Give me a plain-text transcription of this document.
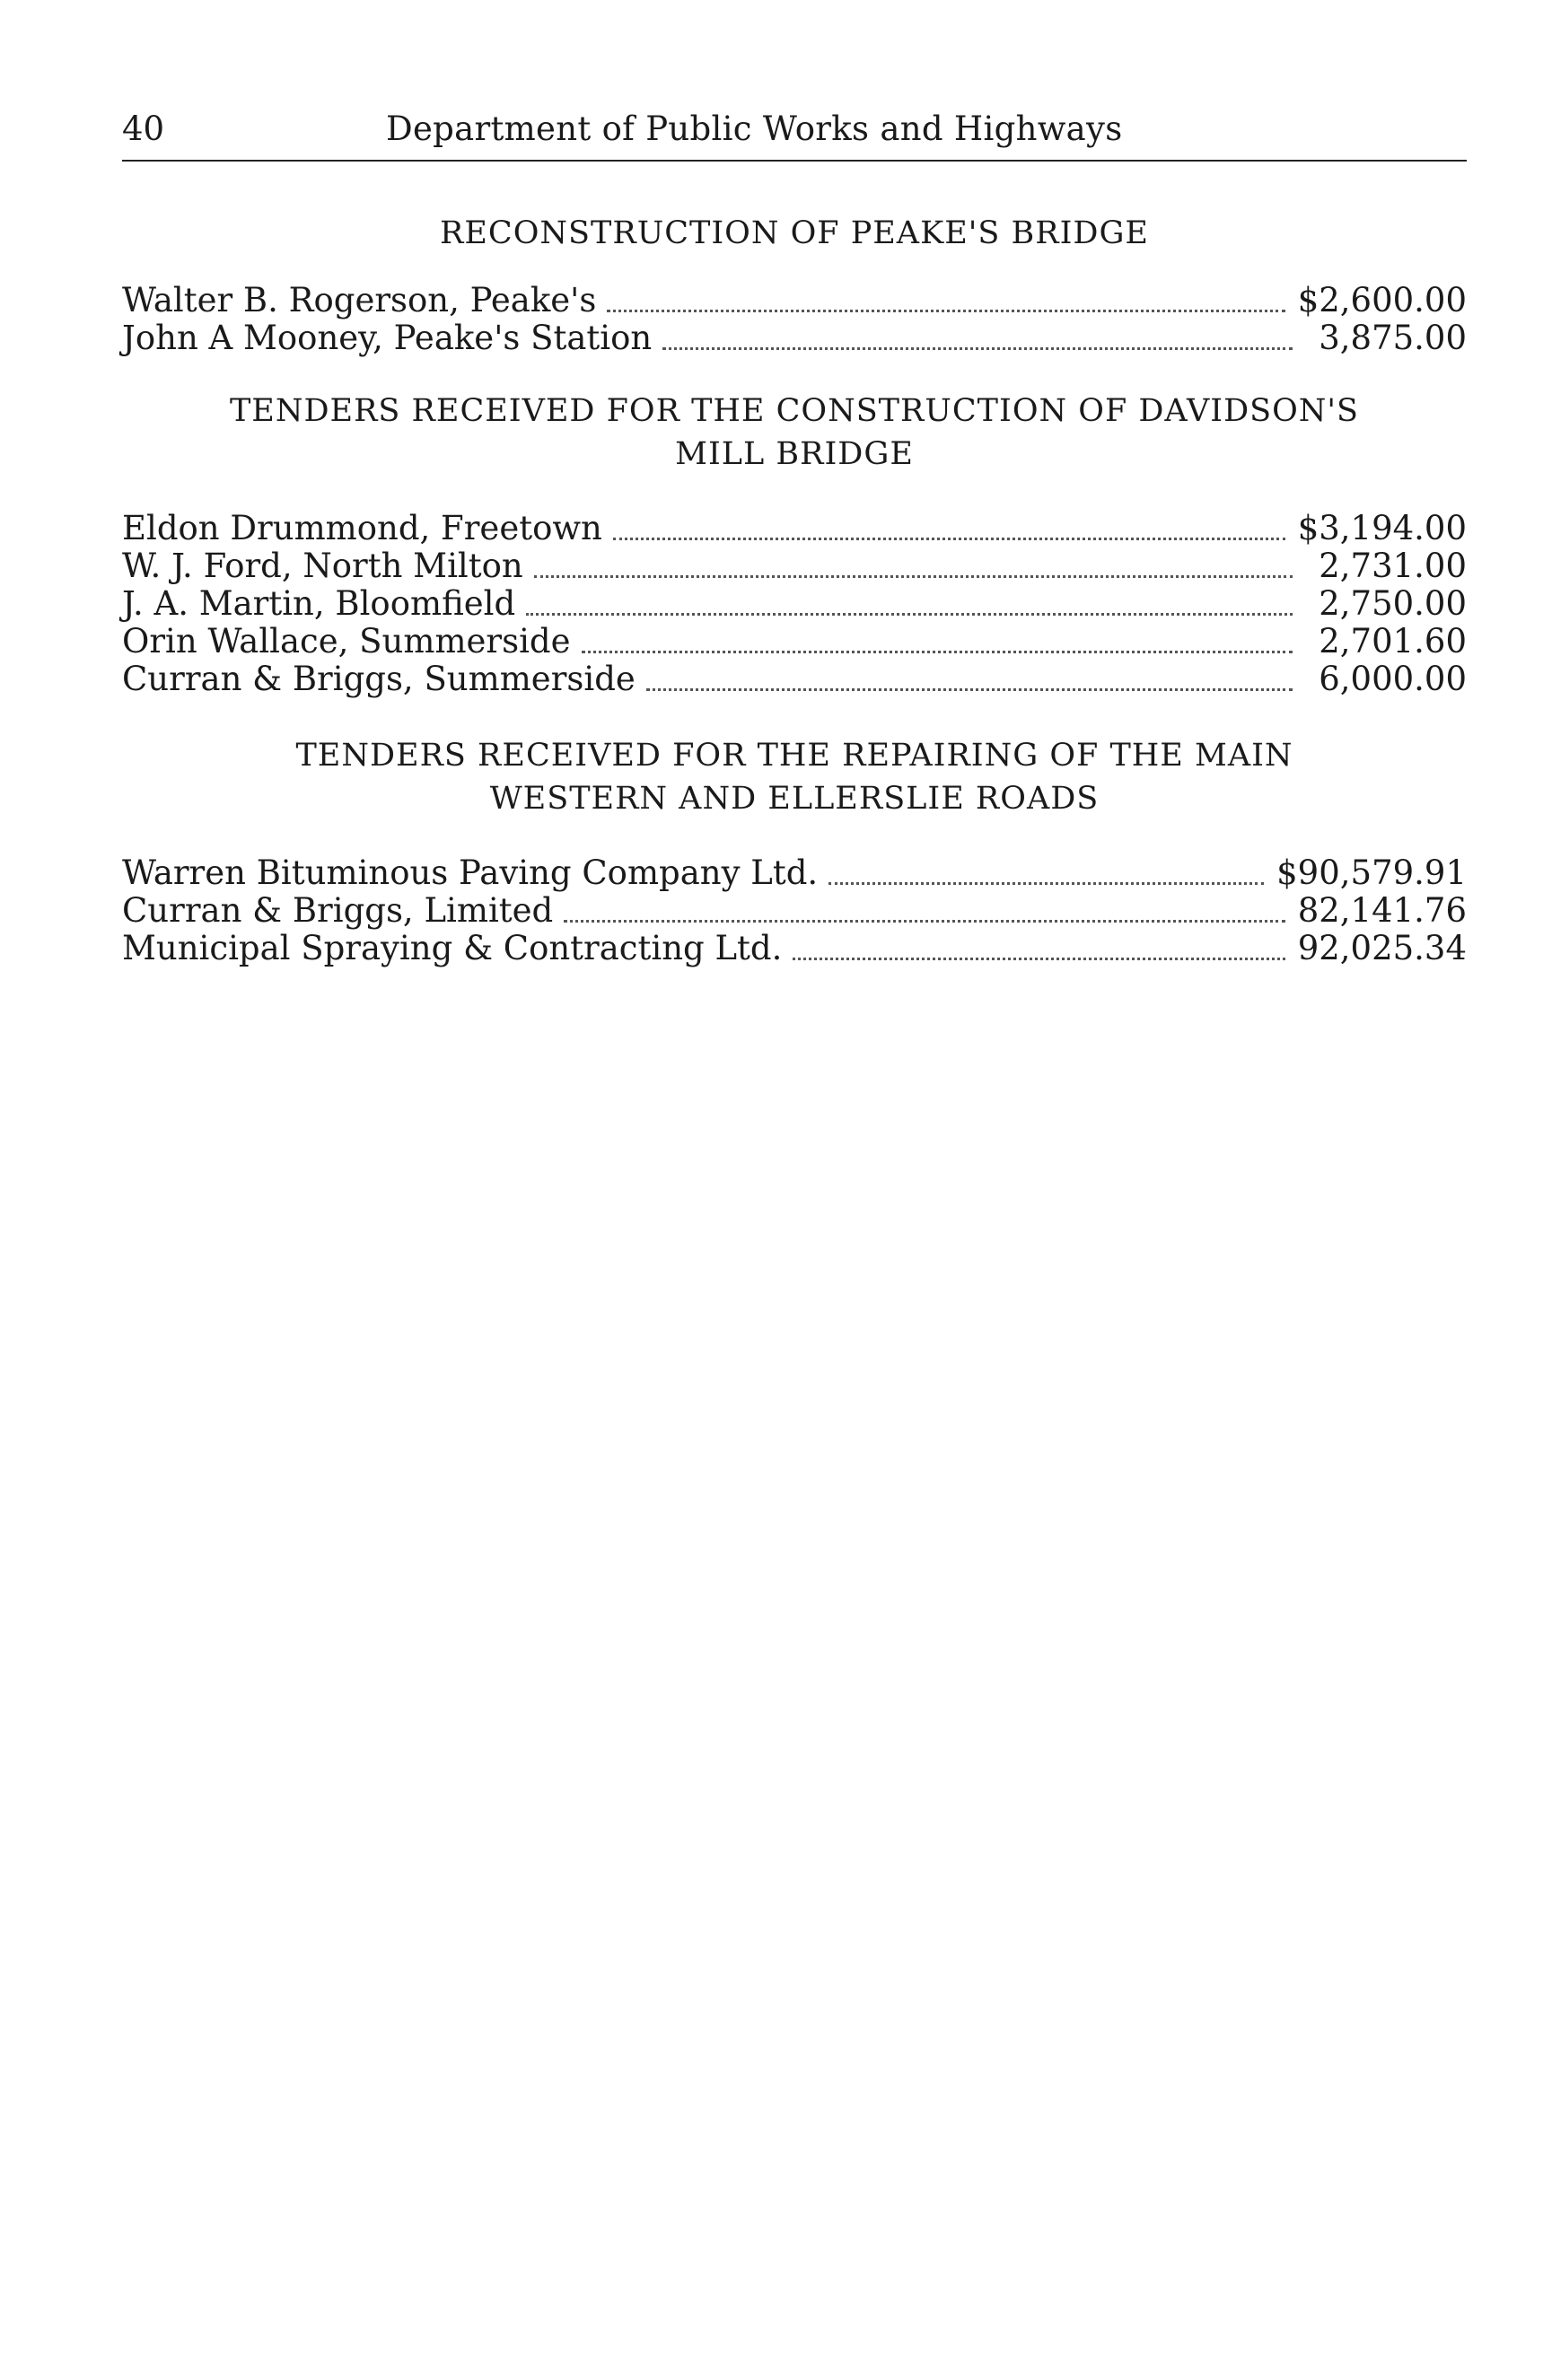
40	Department of Public Works and Highways
RECONSTRUCTION OF PEAKE'S BRIDGE
Walter B. Rogerson, Peake's	$2,600.00
John A Mooney, Peake's Station	3,875.00
TENDERS RECEIVED FOR THE CONSTRUCTION OF DAVIDSON'S
MILL BRIDGE
Eldon Drummond, Freetown	$3,194.00
W. J. Ford, North Milton	2,731.00
J. A. Martin, Bloomfield	2,750.00
Orin Wallace, Summerside	2,701.60
Curran & Briggs, Summerside	6,000.00
TENDERS RECEIVED FOR THE REPAIRING OF THE MAIN
WESTERN AND ELLERSLIE ROADS
Warren Bituminous Paving Company Ltd.	$90,579.91
Curran & Briggs, Limited	82,141.76
Municipal Spraying & Contracting Ltd.	92,025.34
